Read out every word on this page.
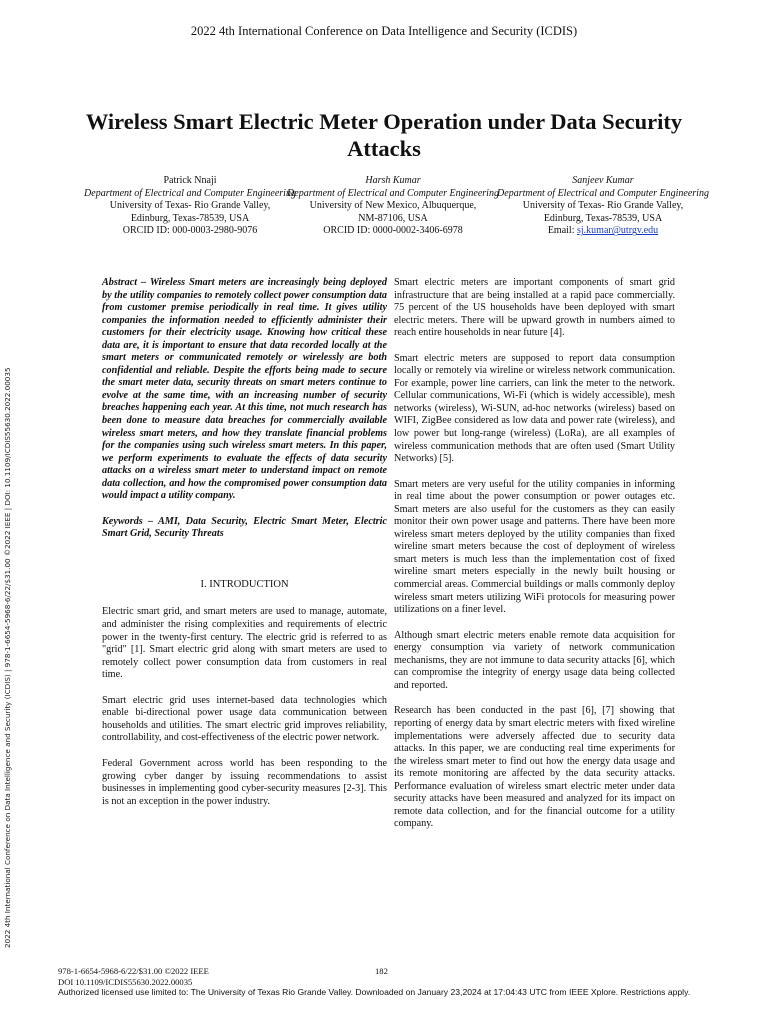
2022 4th International Conference on Data Intelligence and Security (ICDIS)
Wireless Smart Electric Meter Operation under Data Security Attacks
Patrick Nnaji
Department of Electrical and Computer Engineering
University of Texas- Rio Grande Valley,
Edinburg, Texas-78539, USA
ORCID ID: 000-0003-2980-9076
Harsh Kumar
Department of Electrical and Computer Engineering
University of New Mexico, Albuquerque,
NM-87106, USA
ORCID ID: 0000-0002-3406-6978
Sanjeev Kumar
Department of Electrical and Computer Engineering
University of Texas- Rio Grande Valley,
Edinburg, Texas-78539, USA
Email: sj.kumar@utrgv.edu
2022 4th International Conference on Data Intelligence and Security (ICDIS) | 978-1-6654-5968-6/22/$31.00 ©2022 IEEE | DOI: 10.1109/ICDIS55630.2022.00035

Abstract – Wireless Smart meters are increasingly being deployed by the utility companies to remotely collect power consumption data from customer premise periodically in real time. It gives utility companies the information needed to efficiently administer their customers for their electricity usage. Knowing how critical these data are, it is important to ensure that data recorded locally at the smart meters or communicated remotely or wirelessly are both confidential and reliable. Despite the efforts being made to secure the smart meter data, security threats on smart meters continue to evolve at the same time, with an increasing number of security breaches happening each year. At this time, not much research has been done to measure data breaches for commercially available wireless smart meters, and how they translate financial problems for the companies using such wireless smart meters. In this paper, we perform experiments to evaluate the effects of data security attacks on a wireless smart meter to understand impact on remote data collection, and how the compromised power consumption data would impact a utility company.

Keywords – AMI, Data Security, Electric Smart Meter, Electric Smart Grid, Security Threats

I. INTRODUCTION

Electric smart grid, and smart meters are used to manage, automate, and administer the rising complexities and requirements of electric power in the twenty-first century. The electric grid is referred to as "grid" [1]. Smart electric grid along with smart meters are used to remotely collect power consumption data from customers in real time.

Smart electric grid uses internet-based data technologies which enable bi-directional power usage data communication between households and utilities. The smart electric grid improves reliability, controllability, and cost-effectiveness of the electric power network.

Federal Government across world has been responding to the growing cyber danger by issuing recommendations to assist businesses in implementing good cyber-security measures [2-3]. This is not an exception in the power industry.

Smart electric meters are important components of smart grid infrastructure that are being installed at a rapid pace commercially. 75 percent of the US households have been deployed with smart electric meters. There will be upward growth in numbers aimed to reach entire households in near future [4].

Smart electric meters are supposed to report data consumption locally or remotely via wireline or wireless network communication. For example, power line carriers, can link the meter to the network. Cellular communications, Wi-Fi (which is widely accessible), mesh networks (wireless), Wi-SUN, ad-hoc networks (wireless) based on WIFI, ZigBee considered as low data and power rate (wireless), and low power but long-range (wireless) (LoRa), are all examples of wireless communication methods that are often used (Smart Utility Networks) [5].

Smart meters are very useful for the utility companies in informing in real time about the power consumption or power outages etc. Smart meters are also useful for the customers as they can easily monitor their own power usage and patterns. There have been more wireless smart meters deployed by the utility companies than fixed wireline smart meters because the cost of deployment of wireless smart meters is much less than the implementation cost of fixed wireline smart meters especially in the newly built housing or commercial areas. Commercial buildings or malls commonly deploy wireless smart meters utilizing WiFi protocols for measuring power utilizations on a finer level.

Although smart electric meters enable remote data acquisition for energy consumption via variety of network communication mechanisms, they are not immune to data security attacks [6], which can compromise the integrity of energy usage data being collected and reported.

Research has been conducted in the past [6], [7] showing that reporting of energy data by smart electric meters with fixed wireline implementations were adversely affected due to security data attacks. In this paper, we are conducting real time experiments for the wireless smart meter to find out how the energy data usage and its remote monitoring are affected by the data security attacks. Performance evaluation of wireless smart electric meter under data security attacks have been measured and analyzed for its impact on remote data collection, and for the financial outcome for a utility company.

978-1-6654-5968-6/22/$31.00 ©2022 IEEE
DOI 10.1109/ICDIS55630.2022.00035
182
Authorized licensed use limited to: The University of Texas Rio Grande Valley. Downloaded on January 23,2024 at 17:04:43 UTC from IEEE Xplore. Restrictions apply.
